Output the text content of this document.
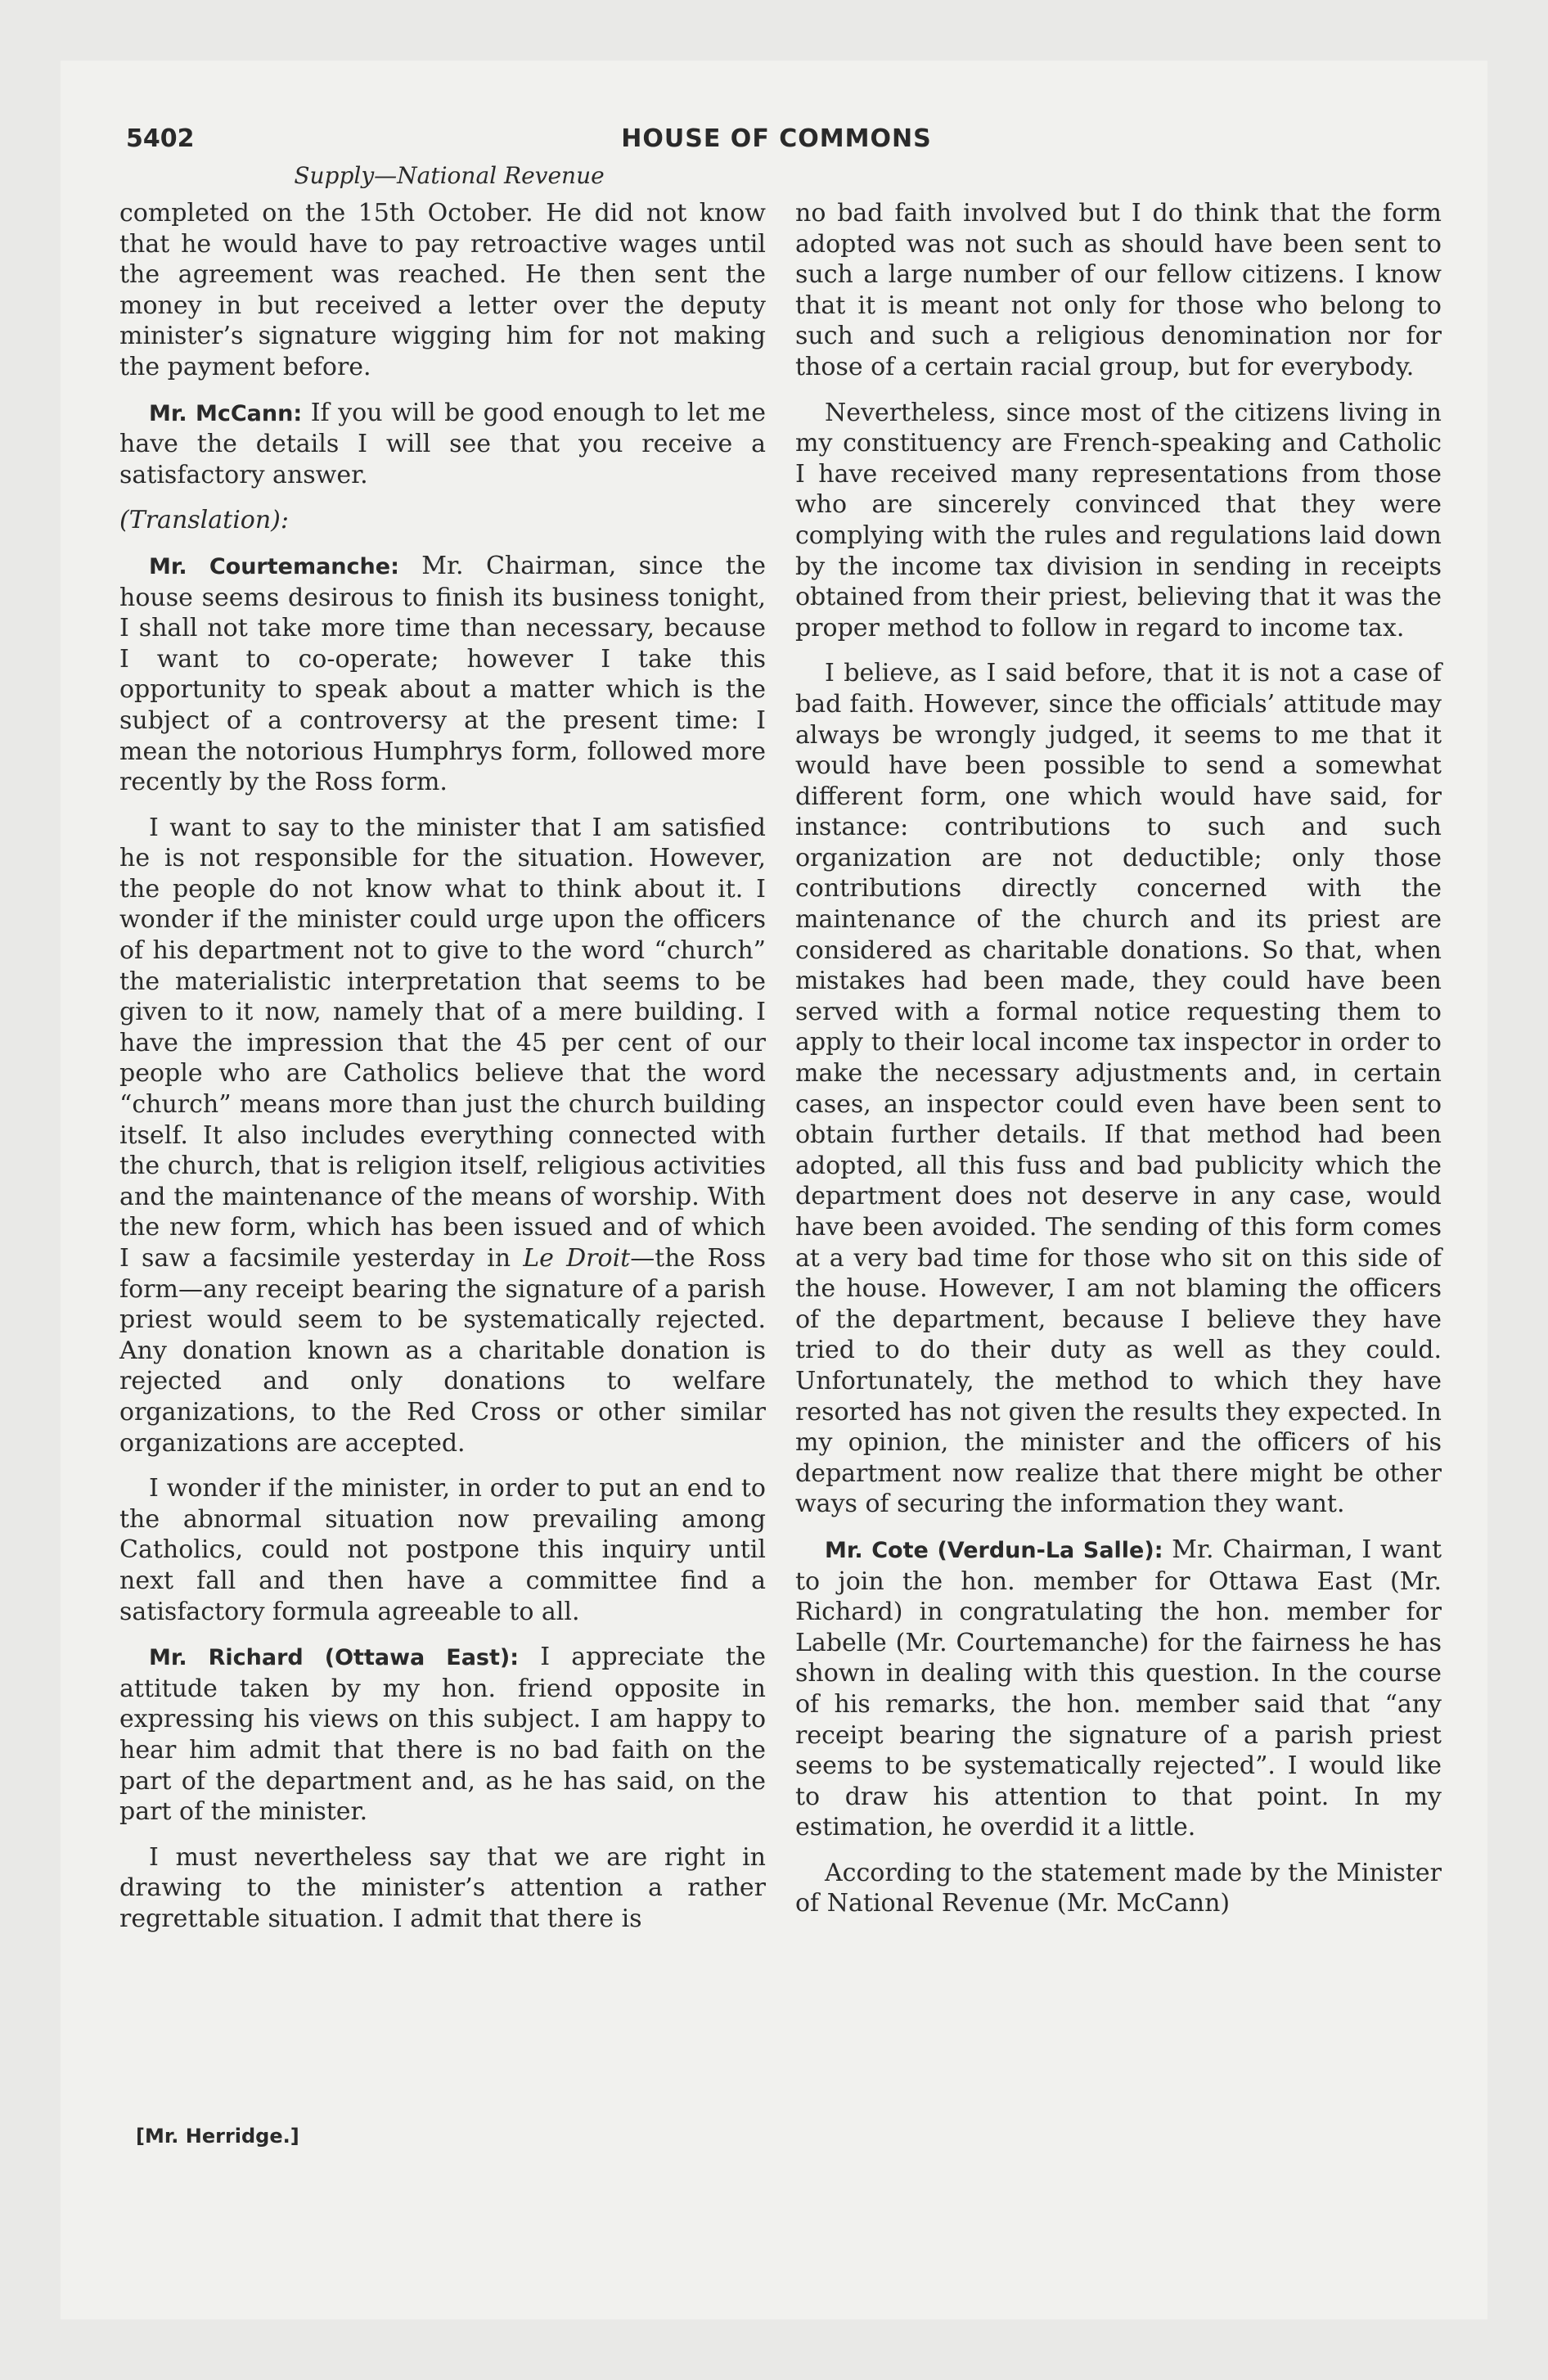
5402	HOUSE OF COMMONS
Supply—National Revenue

completed on the 15th October. He did not know that he would have to pay retroactive wages until the agreement was reached. He then sent the money in but received a letter over the deputy minister’s signature wigging him for not making the payment before.

Mr. McCann: If you will be good enough to let me have the details I will see that you receive a satisfactory answer.

(Translation):

Mr. Courtemanche: Mr. Chairman, since the house seems desirous to finish its business tonight, I shall not take more time than necessary, because I want to co-operate; however I take this opportunity to speak about a matter which is the subject of a controversy at the present time: I mean the notorious Humphrys form, followed more recently by the Ross form.

I want to say to the minister that I am satisfied he is not responsible for the situation. However, the people do not know what to think about it. I wonder if the minister could urge upon the officers of his department not to give to the word “church” the materialistic interpretation that seems to be given to it now, namely that of a mere building. I have the impression that the 45 per cent of our people who are Catholics believe that the word “church” means more than just the church building itself. It also includes everything connected with the church, that is religion itself, religious activities and the maintenance of the means of worship. With the new form, which has been issued and of which I saw a facsimile yesterday in Le Droit—the Ross form—any receipt bearing the signature of a parish priest would seem to be systematically rejected. Any donation known as a charitable donation is rejected and only donations to welfare organizations, to the Red Cross or other similar organizations are accepted.

I wonder if the minister, in order to put an end to the abnormal situation now prevailing among Catholics, could not postpone this inquiry until next fall and then have a committee find a satisfactory formula agreeable to all.

Mr. Richard (Ottawa East): I appreciate the attitude taken by my hon. friend opposite in expressing his views on this subject. I am happy to hear him admit that there is no bad faith on the part of the department and, as he has said, on the part of the minister.

I must nevertheless say that we are right in drawing to the minister’s attention a rather regrettable situation. I admit that there is

no bad faith involved but I do think that the form adopted was not such as should have been sent to such a large number of our fellow citizens. I know that it is meant not only for those who belong to such and such a religious denomination nor for those of a certain racial group, but for everybody.

Nevertheless, since most of the citizens living in my constituency are French-speaking and Catholic I have received many representations from those who are sincerely convinced that they were complying with the rules and regulations laid down by the income tax division in sending in receipts obtained from their priest, believing that it was the proper method to follow in regard to income tax.

I believe, as I said before, that it is not a case of bad faith. However, since the officials’ attitude may always be wrongly judged, it seems to me that it would have been possible to send a somewhat different form, one which would have said, for instance: contributions to such and such organization are not deductible; only those contributions directly concerned with the maintenance of the church and its priest are considered as charitable donations. So that, when mistakes had been made, they could have been served with a formal notice requesting them to apply to their local income tax inspector in order to make the necessary adjustments and, in certain cases, an inspector could even have been sent to obtain further details. If that method had been adopted, all this fuss and bad publicity which the department does not deserve in any case, would have been avoided. The sending of this form comes at a very bad time for those who sit on this side of the house. However, I am not blaming the officers of the department, because I believe they have tried to do their duty as well as they could. Unfortunately, the method to which they have resorted has not given the results they expected. In my opinion, the minister and the officers of his department now realize that there might be other ways of securing the information they want.

Mr. Cote (Verdun-La Salle): Mr. Chairman, I want to join the hon. member for Ottawa East (Mr. Richard) in congratulating the hon. member for Labelle (Mr. Courtemanche) for the fairness he has shown in dealing with this question. In the course of his remarks, the hon. member said that “any receipt bearing the signature of a parish priest seems to be systematically rejected”. I would like to draw his attention to that point. In my estimation, he overdid it a little.

According to the statement made by the Minister of National Revenue (Mr. McCann)

[Mr. Herridge.]
